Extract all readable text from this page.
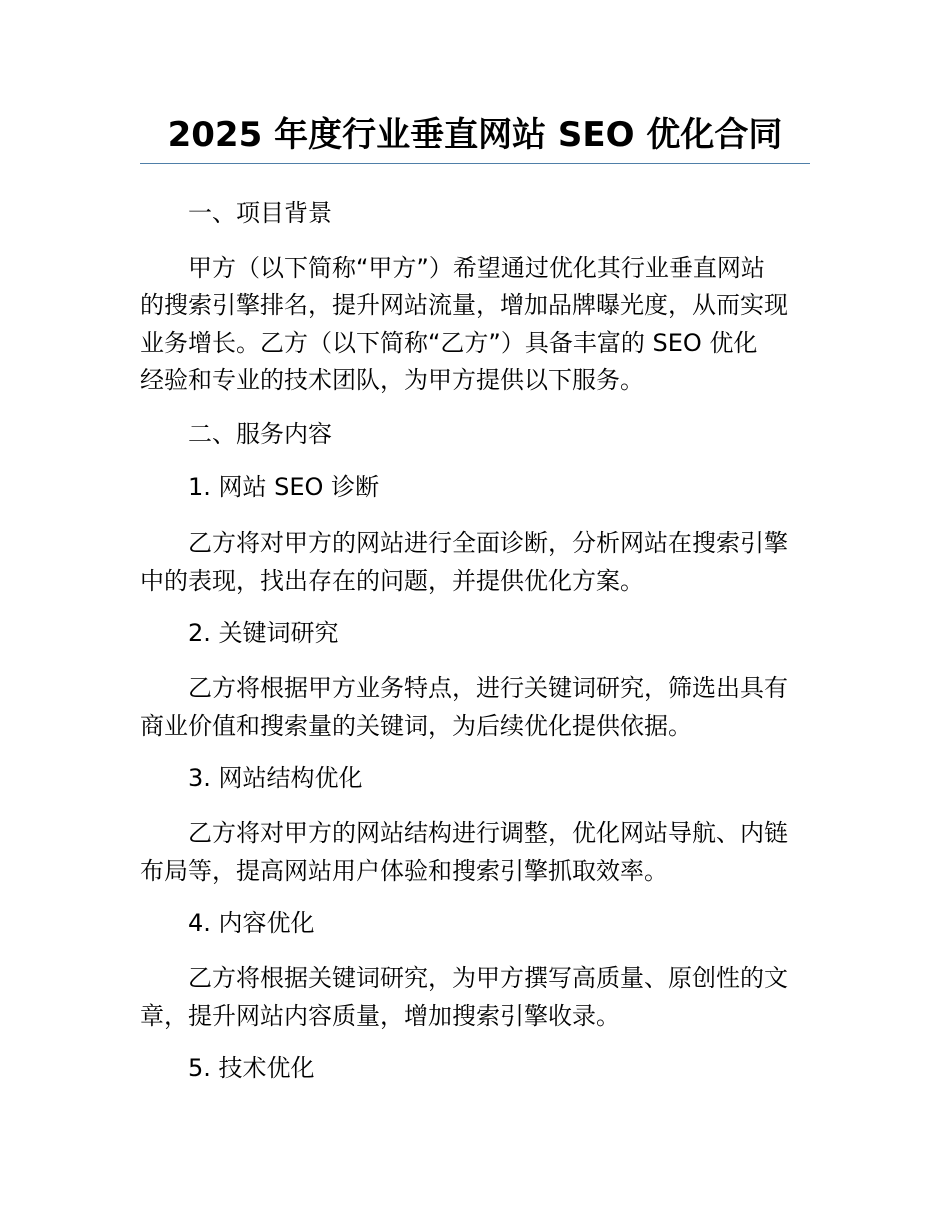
2025 年度行业垂直网站 SEO 优化合同
一、项目背景
甲方（以下简称“甲方”）希望通过优化其行业垂直网站
的搜索引擎排名，提升网站流量，增加品牌曝光度，从而实现
业务增长。乙方（以下简称“乙方”）具备丰富的 SEO 优化
经验和专业的技术团队，为甲方提供以下服务。
二、服务内容
1. 网站 SEO 诊断
乙方将对甲方的网站进行全面诊断，分析网站在搜索引擎
中的表现，找出存在的问题，并提供优化方案。
2. 关键词研究
乙方将根据甲方业务特点，进行关键词研究，筛选出具有
商业价值和搜索量的关键词，为后续优化提供依据。
3. 网站结构优化
乙方将对甲方的网站结构进行调整，优化网站导航、内链
布局等，提高网站用户体验和搜索引擎抓取效率。
4. 内容优化
乙方将根据关键词研究，为甲方撰写高质量、原创性的文
章，提升网站内容质量，增加搜索引擎收录。
5. 技术优化
